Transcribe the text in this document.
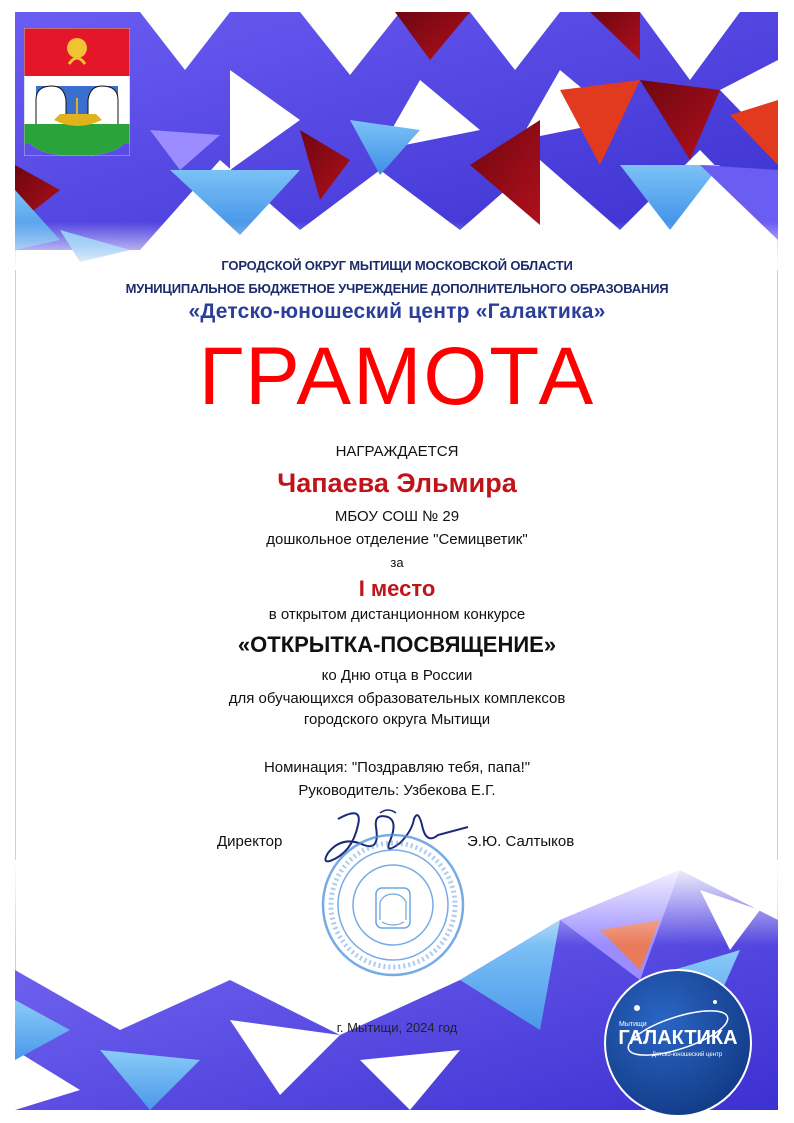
ГОРОДСКОЙ ОКРУГ МЫТИЩИ МОСКОВСКОЙ ОБЛАСТИ
МУНИЦИПАЛЬНОЕ БЮДЖЕТНОЕ УЧРЕЖДЕНИЕ ДОПОЛНИТЕЛЬНОГО ОБРАЗОВАНИЯ
«Детско-юношеский центр «Галактика»
ГРАМОТА
НАГРАЖДАЕТСЯ
Чапаева Эльмира
МБОУ СОШ № 29
дошкольное отделение "Семицветик"
за
I место
в открытом дистанционном конкурсе
«ОТКРЫТКА-ПОСВЯЩЕНИЕ»
ко Дню отца в России
для обучающихся образовательных комплексов
городского округа Мытищи
Номинация: "Поздравляю тебя, папа!"
Руководитель: Узбекова Е.Г.
Директор	Э.Ю. Салтыков
Мытищи
ГАЛАКТИКА
Детско-юношеский центр
г. Мытищи, 2024 год
